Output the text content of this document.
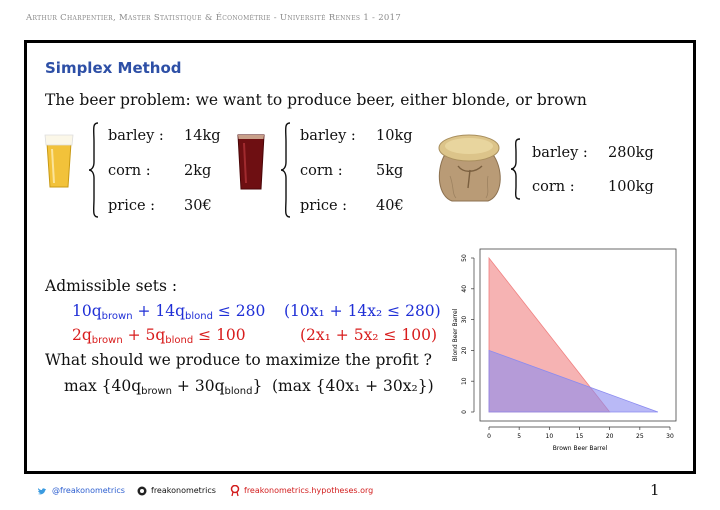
Arthur Charpentier, Master Statistique & Économétrie - Université Rennes 1 - 2017
Simplex Method
The beer problem: we want to produce beer, either blonde, or brown
barley : 14kg
corn : 2kg
price : 30€
barley : 10kg
corn : 5kg
price : 40€
barley : 280kg
corn : 100kg
Admissible sets :
$10q_{brown} + 14q_{blond} \le 280$ (10x₁ + 14x₂ ≤ 280)
$2q_{brown} + 5q_{blond} \le 100$	(2x₁ + 5x₂ ≤ 100)
What should we produce to maximize the profit ?
$\max \{40q_{brown} + 30q_{blond}\}$ (max {40x₁ + 30x₂})
0	5	10	15	20	25	30
0
10
20
30
40
50
Brown Beer Barrel
Blond Beer Barrel
@freakonometrics	freakonometrics	freakonometrics.hypotheses.org	1
